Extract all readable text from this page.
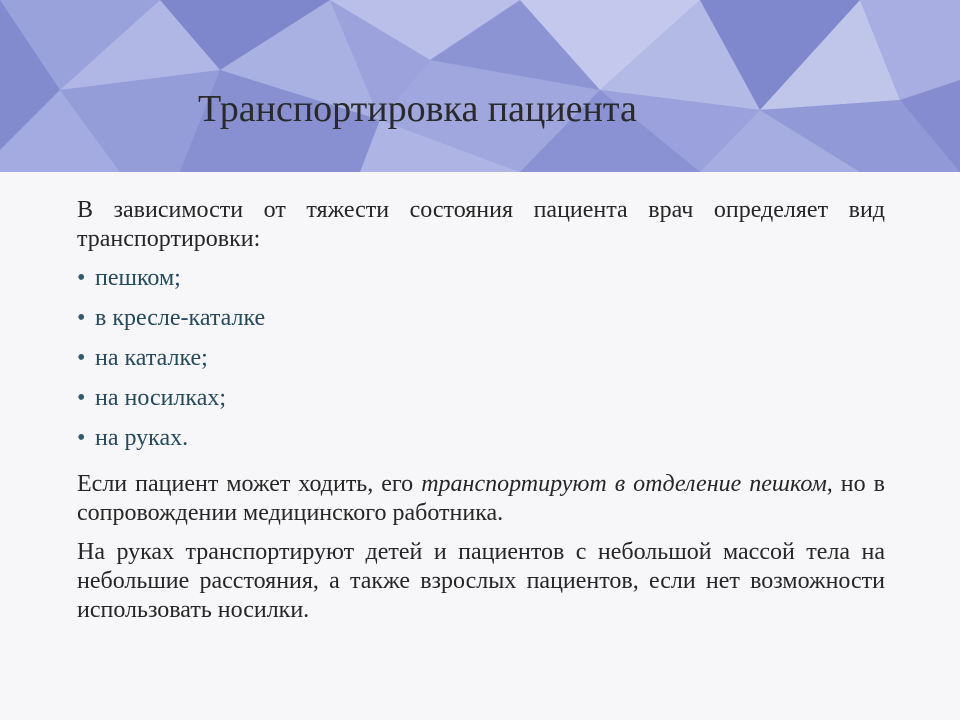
Транспортировка пациента

В зависимости от тяжести состояния пациента врач определяет вид транспортировки:

• пешком;
• в кресле-каталке
• на каталке;
• на носилках;
• на руках.

Если пациент может ходить, его транспортируют в отделение пешком, но в сопровождении медицинского работника.

На руках транспортируют детей и пациентов с небольшой массой тела на небольшие расстояния, а также взрослых пациентов, если нет возможности использовать носилки.
